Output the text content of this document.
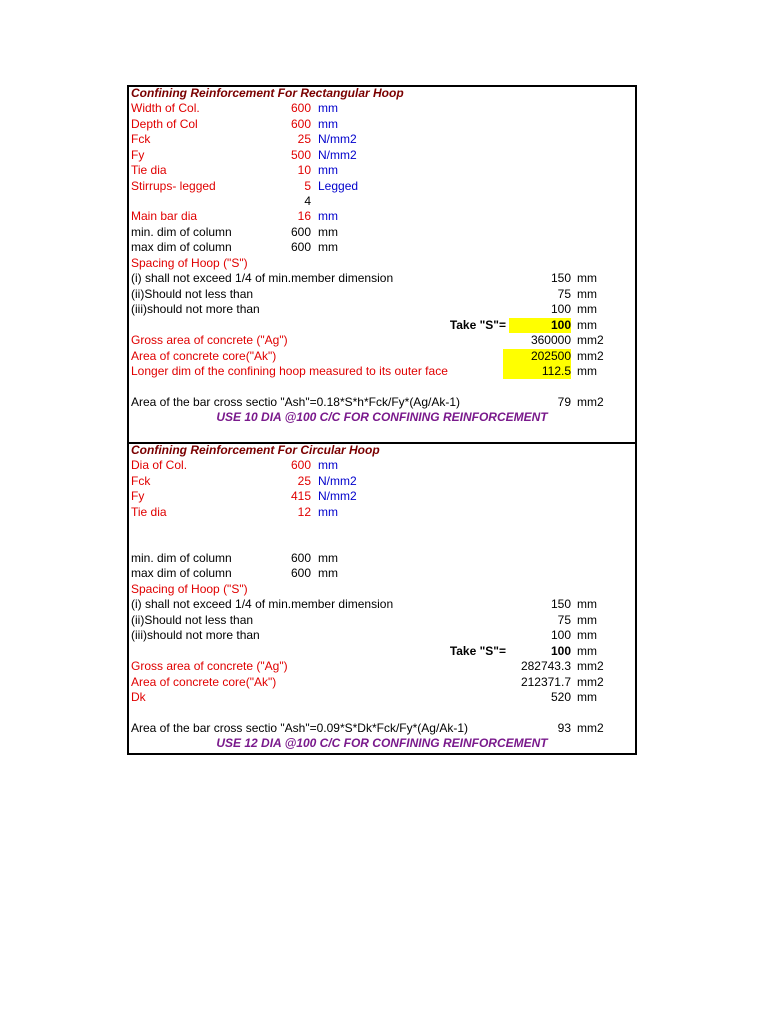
Confining Reinforcement For Rectangular Hoop
Width of Col.	600 mm
Depth of Col	600 mm
Fck	25 N/mm2
Fy	500 N/mm2
Tie dia	10 mm
Stirrups- legged	5 Legged
4
Main bar dia	16 mm
min. dim of column	600 mm
max dim of column	600 mm
Spacing of Hoop ("S")
(i) shall not exceed 1/4 of min.member dimension	150 mm
(ii)Should not less than	75 mm
(iii)should not more than	100 mm
Take "S"=	100 mm
Gross area of concrete ("Ag")	360000 mm2
Area of concrete core("Ak")	202500 mm2
Longer dim of the confining hoop measured to its outer face	112.5 mm
Area of the bar cross sectio "Ash"=0.18*S*h*Fck/Fy*(Ag/Ak-1)	79 mm2
USE 10 DIA @100 C/C FOR CONFINING REINFORCEMENT
Confining Reinforcement For Circular Hoop
Dia of Col.	600 mm
Fck	25 N/mm2
Fy	415 N/mm2
Tie dia	12 mm
min. dim of column	600 mm
max dim of column	600 mm
Spacing of Hoop ("S")
(i) shall not exceed 1/4 of min.member dimension	150 mm
(ii)Should not less than	75 mm
(iii)should not more than	100 mm
Take "S"=	100 mm
Gross area of concrete ("Ag")	282743.3 mm2
Area of concrete core("Ak")	212371.7 mm2
Dk	520 mm
Area of the bar cross sectio "Ash"=0.09*S*Dk*Fck/Fy*(Ag/Ak-1)	93 mm2
USE 12 DIA @100 C/C FOR CONFINING REINFORCEMENT
